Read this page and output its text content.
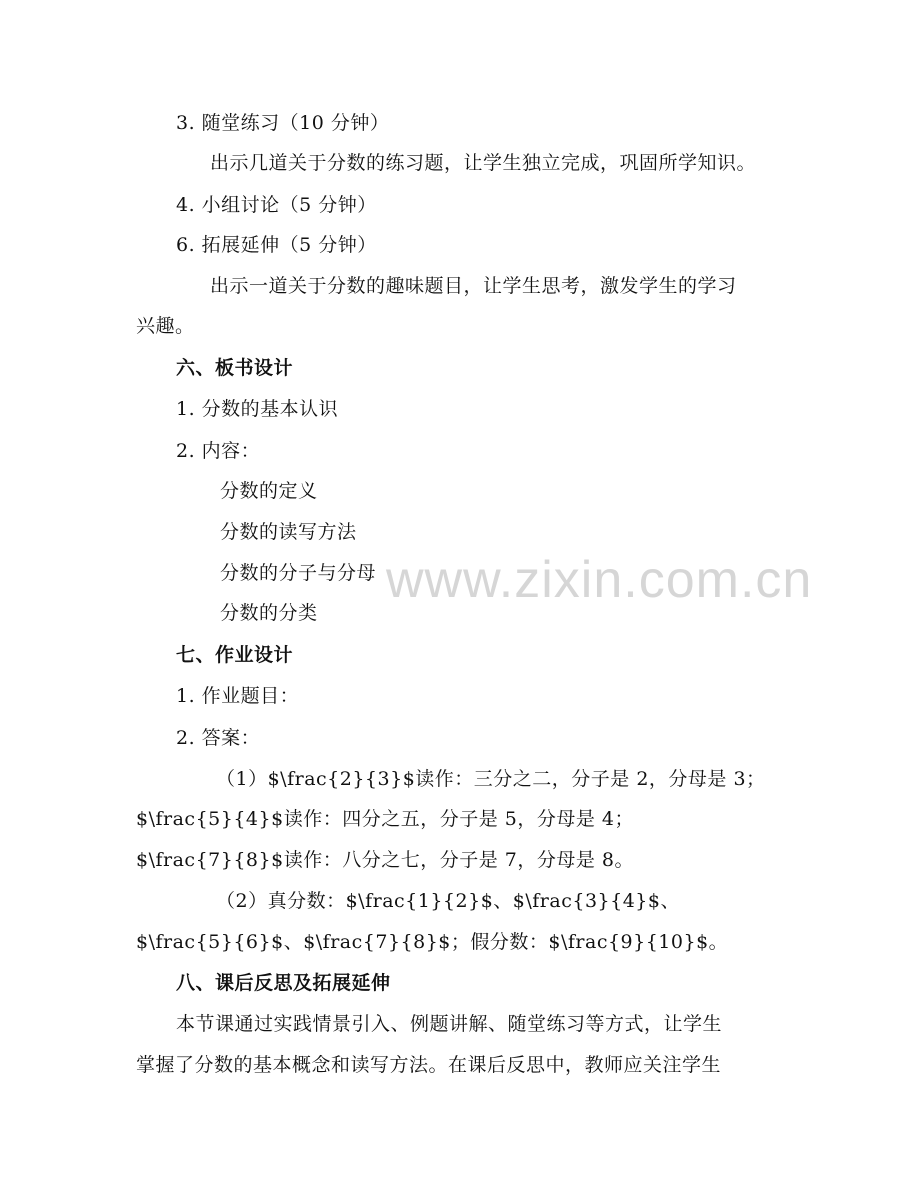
www.zixin.com.cn
3. 随堂练习（10 分钟）
出示几道关于分数的练习题，让学生独立完成，巩固所学知识。
4. 小组讨论（5 分钟）
6. 拓展延伸（5 分钟）
出示一道关于分数的趣味题目，让学生思考，激发学生的学习
兴趣。
六、板书设计
1. 分数的基本认识
2. 内容：
分数的定义
分数的读写方法
分数的分子与分母
分数的分类
七、作业设计
1. 作业题目：
2. 答案：
（1）$\frac{2}{3}$读作：三分之二，分子是 2，分母是 3；
$\frac{5}{4}$读作：四分之五，分子是 5，分母是 4；
$\frac{7}{8}$读作：八分之七，分子是 7，分母是 8。
（2）真分数：$\frac{1}{2}$、$\frac{3}{4}$、
$\frac{5}{6}$、$\frac{7}{8}$；假分数：$\frac{9}{10}$。
八、课后反思及拓展延伸
本节课通过实践情景引入、例题讲解、随堂练习等方式，让学生
掌握了分数的基本概念和读写方法。在课后反思中，教师应关注学生
